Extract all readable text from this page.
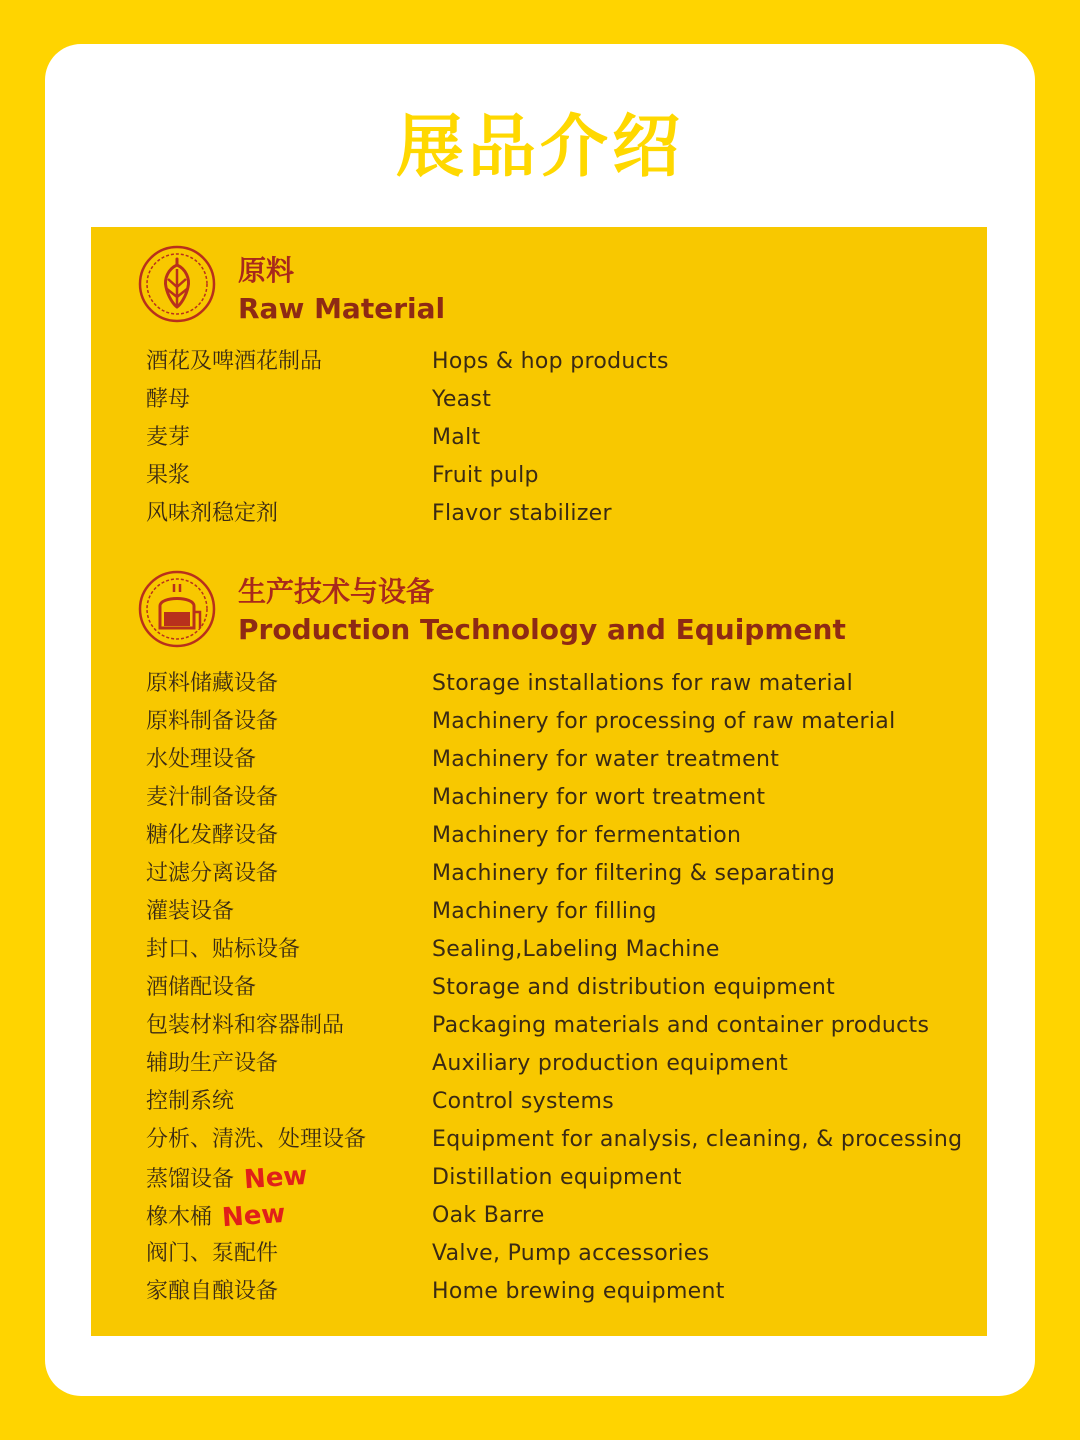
展品介绍
原料
Raw Material
生产技术与设备
Production Technology and Equipment
酒花及啤酒花制品	Hops & hop products
酵母	Yeast
麦芽	Malt
果浆	Fruit pulp
风味剂稳定剂	Flavor stabilizer
原料储藏设备	Storage installations for raw material
原料制备设备	Machinery for processing of raw material
水处理设备	Machinery for water treatment
麦汁制备设备	Machinery for wort treatment
糖化发酵设备	Machinery for fermentation
过滤分离设备	Machinery for filtering & separating
灌装设备	Machinery for filling
封口、贴标设备	Sealing,Labeling Machine
酒储配设备	Storage and distribution equipment
包装材料和容器制品	Packaging materials and container products
辅助生产设备	Auxiliary production equipment
控制系统	Control systems
分析、清洗、处理设备	Equipment for analysis, cleaning, & processing
蒸馏设备 New	Distillation equipment
橡木桶 New	Oak Barre
阀门、泵配件	Valve, Pump accessories
家酿自酿设备	Home brewing equipment
